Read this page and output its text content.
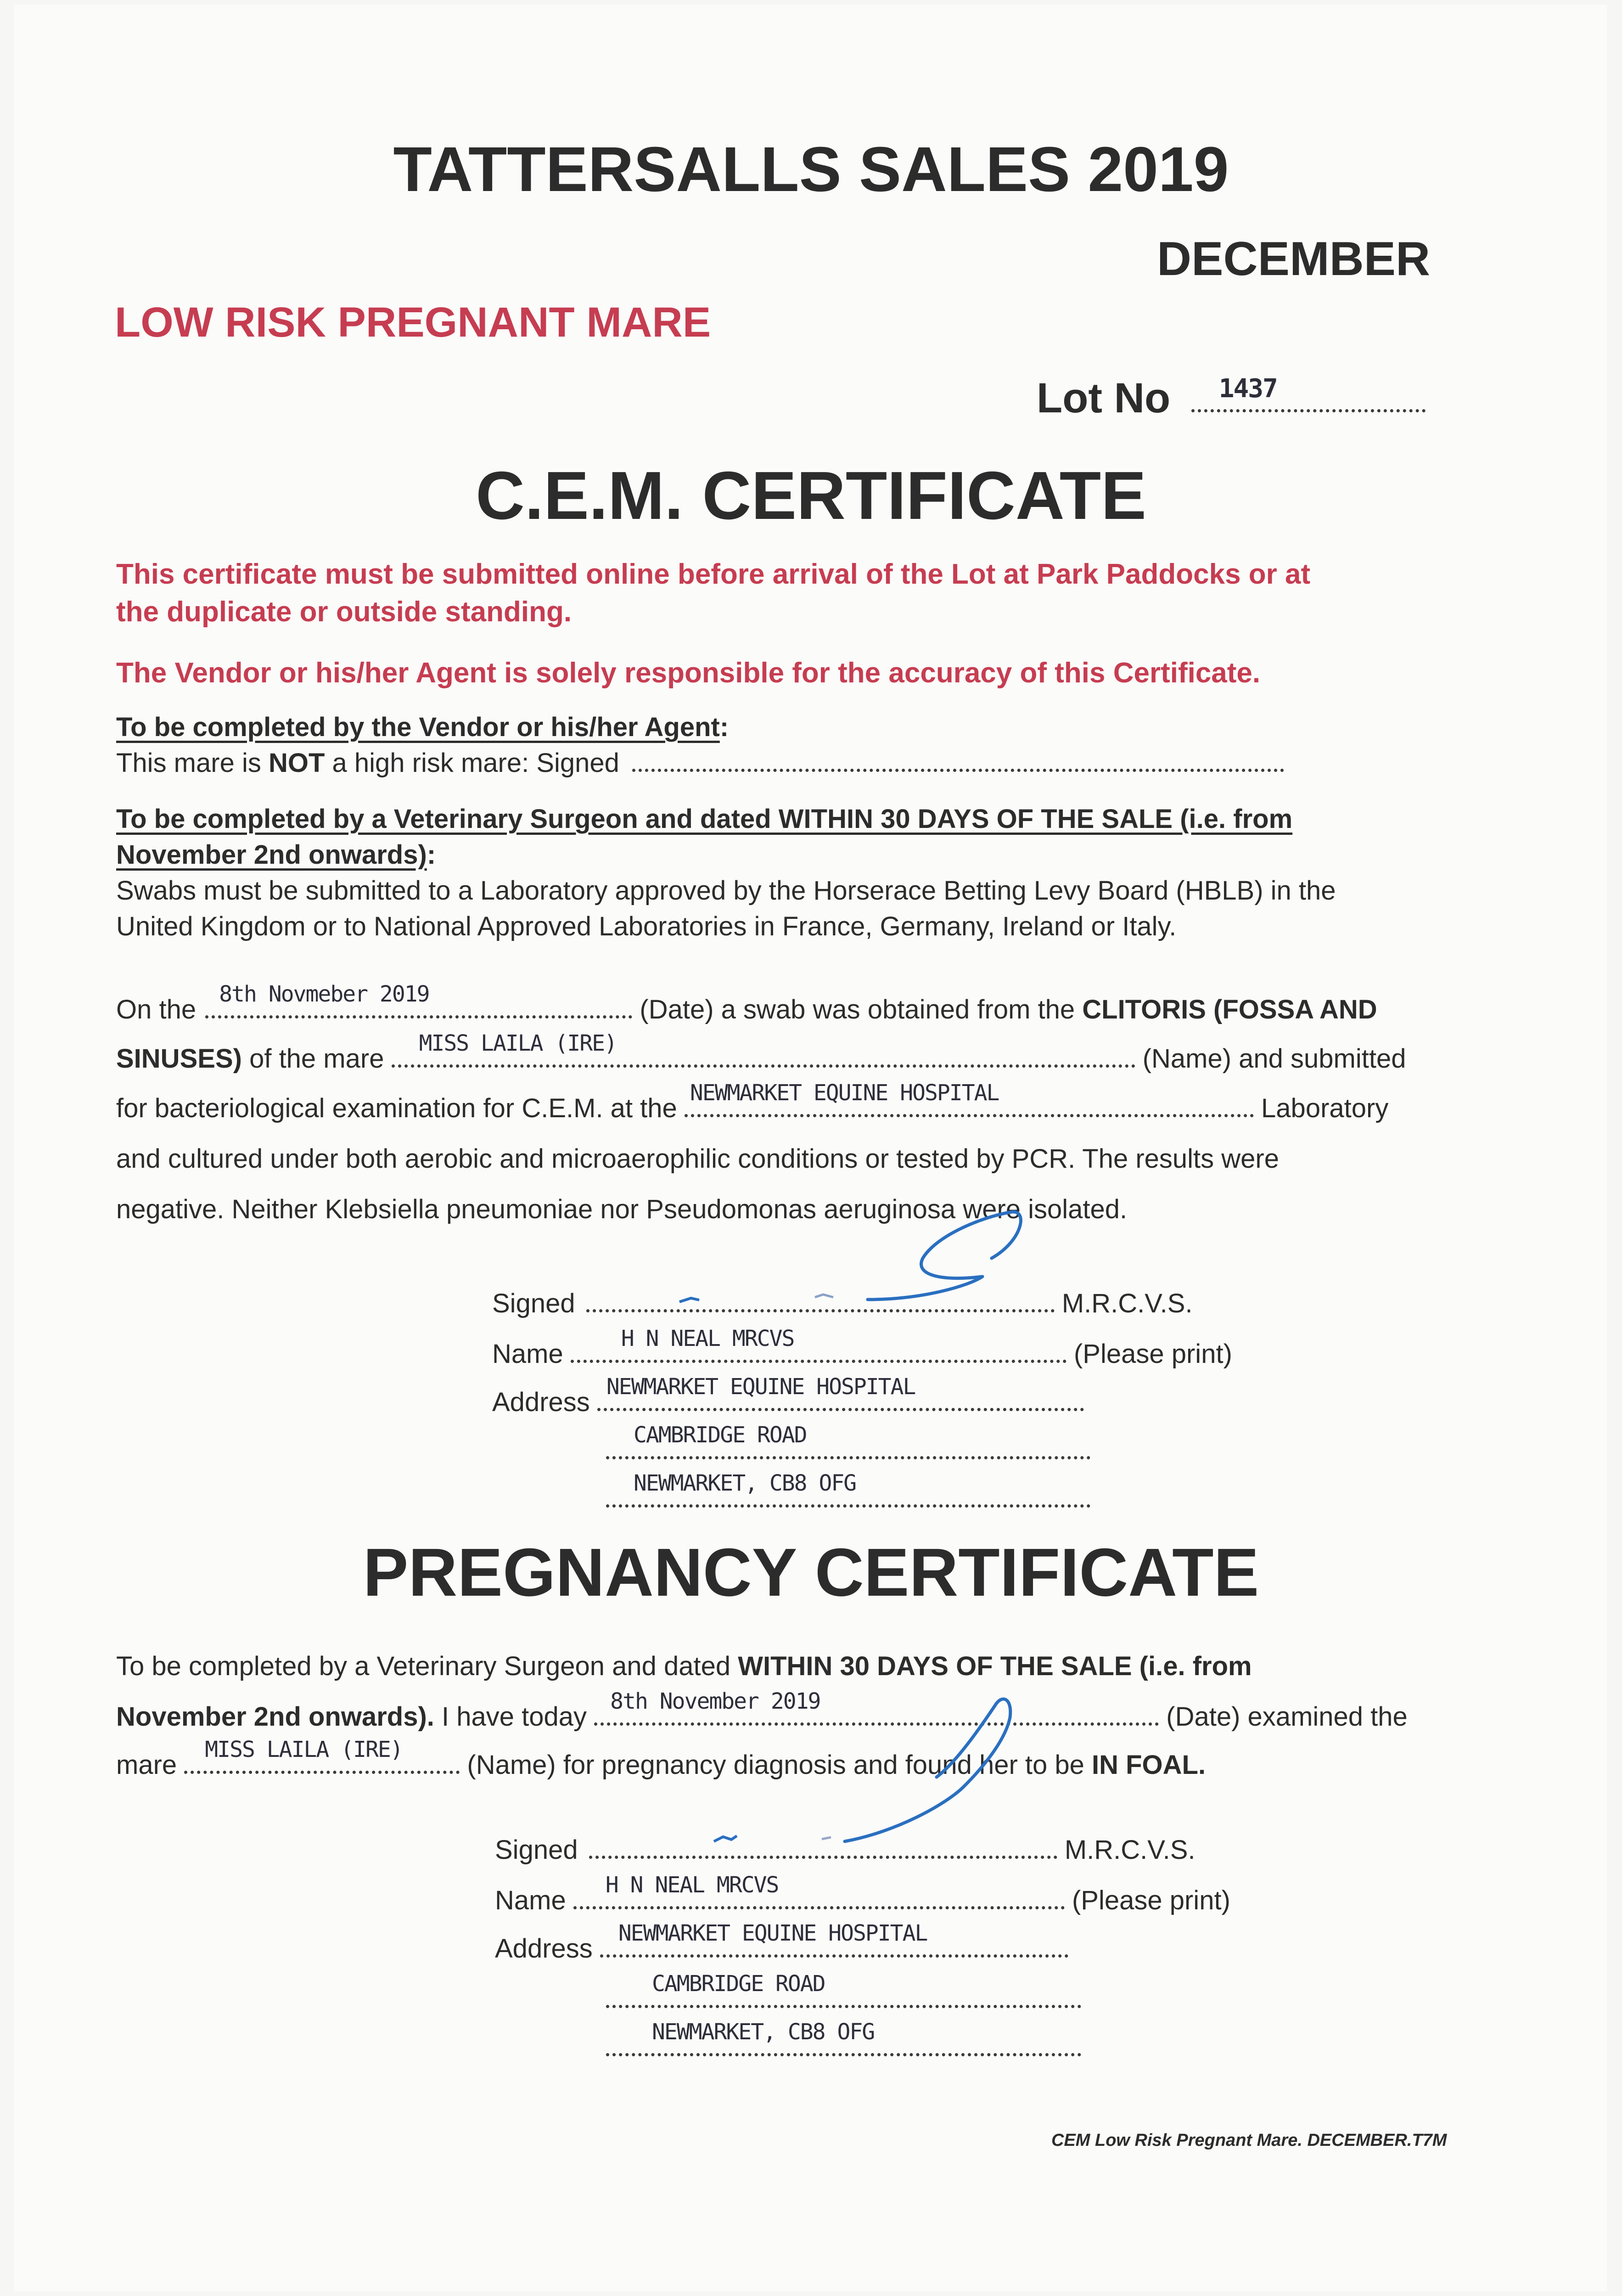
TATTERSALLS SALES 2019
DECEMBER
LOW RISK PREGNANT MARE
Lot No 1437
C.E.M. CERTIFICATE
This certificate must be submitted online before arrival of the Lot at Park Paddocks or at
the duplicate or outside standing.
The Vendor or his/her Agent is solely responsible for the accuracy of this Certificate.
To be completed by the Vendor or his/her Agent:
This mare is NOT a high risk mare: Signed
To be completed by a Veterinary Surgeon and dated WITHIN 30 DAYS OF THE SALE (i.e. from
November 2nd onwards):
Swabs must be submitted to a Laboratory approved by the Horserace Betting Levy Board (HBLB) in the
United Kingdom or to National Approved Laboratories in France, Germany, Ireland or Italy.
On the
8th Novmeber 2019
(Date) a swab was obtained from the CLITORIS (FOSSA AND
SINUSES) of the mare
MISS LAILA (IRE)
(Name) and submitted
for bacteriological examination for C.E.M. at the
NEWMARKET EQUINE HOSPITAL
Laboratory
and cultured under both aerobic and microaerophilic conditions or tested by PCR. The results were
negative. Neither Klebsiella pneumoniae nor Pseudomonas aeruginosa were isolated.
Signed	M.R.C.V.S.
Name
H N NEAL MRCVS
(Please print)
Address
NEWMARKET EQUINE HOSPITAL
CAMBRIDGE ROAD
NEWMARKET, CB8 OFG
PREGNANCY CERTIFICATE
To be completed by a Veterinary Surgeon and dated WITHIN 30 DAYS OF THE SALE (i.e. from
November 2nd onwards). I have today
8th November 2019
(Date) examined the
mare
MISS LAILA (IRE)
(Name) for pregnancy diagnosis and found her to be IN FOAL.
Signed	M.R.C.V.S.
Name
H N NEAL MRCVS
(Please print)
Address
NEWMARKET EQUINE HOSPITAL
CAMBRIDGE ROAD
NEWMARKET, CB8 OFG
CEM Low Risk Pregnant Mare. DECEMBER.T7M
